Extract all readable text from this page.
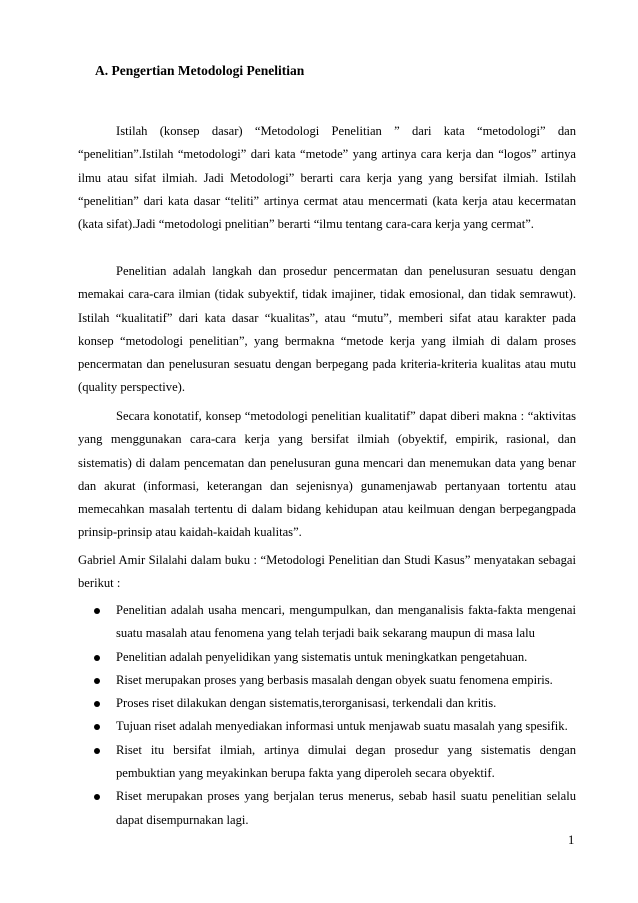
A. Pengertian Metodologi Penelitian

Istilah (konsep dasar) “Metodologi Penelitian ” dari kata “metodologi” dan “penelitian”.Istilah “metodologi” dari kata “metode” yang artinya cara kerja dan “logos” artinya ilmu atau sifat ilmiah. Jadi Metodologi” berarti cara kerja yang yang bersifat ilmiah. Istilah “penelitian” dari kata dasar “teliti” artinya cermat atau mencermati (kata kerja atau kecermatan (kata sifat).Jadi “metodologi pnelitian” berarti “ilmu tentang cara-cara kerja yang cermat”.

Penelitian adalah langkah dan prosedur pencermatan dan penelusuran sesuatu dengan memakai cara-cara ilmian (tidak subyektif, tidak imajiner, tidak emosional, dan tidak semrawut). Istilah “kualitatif” dari kata dasar “kualitas”, atau “mutu”, memberi sifat atau karakter pada konsep “metodologi penelitian”, yang bermakna “metode kerja yang ilmiah di dalam proses pencermatan dan penelusuran sesuatu dengan berpegang pada kriteria-kriteria kualitas atau mutu (quality perspective).

Secara konotatif, konsep “metodologi penelitian kualitatif” dapat diberi makna : “aktivitas yang menggunakan cara-cara kerja yang bersifat ilmiah (obyektif, empirik, rasional, dan sistematis) di dalam pencematan dan penelusuran guna mencari dan menemukan data yang benar dan akurat (informasi, keterangan dan sejenisnya) gunamenjawab pertanyaan tortentu atau memecahkan masalah tertentu di dalam bidang kehidupan atau keilmuan dengan berpegangpada prinsip-prinsip atau kaidah-kaidah kualitas”.

Gabriel Amir Silalahi dalam buku : “Metodologi Penelitian dan Studi Kasus” menyatakan sebagai berikut :

Penelitian adalah usaha mencari, mengumpulkan, dan menganalisis fakta-fakta mengenai suatu masalah atau fenomena yang telah terjadi baik sekarang maupun di masa lalu
Penelitian adalah penyelidikan yang sistematis untuk meningkatkan pengetahuan.
Riset merupakan proses yang berbasis masalah dengan obyek suatu fenomena empiris.
Proses riset dilakukan dengan sistematis,terorganisasi, terkendali dan kritis.
Tujuan riset adalah menyediakan informasi untuk menjawab suatu masalah yang spesifik.
Riset itu bersifat ilmiah, artinya dimulai degan prosedur yang sistematis dengan pembuktian yang meyakinkan berupa fakta yang diperoleh secara obyektif.
Riset merupakan proses yang berjalan terus menerus, sebab hasil suatu penelitian selalu dapat disempurnakan lagi.
1
